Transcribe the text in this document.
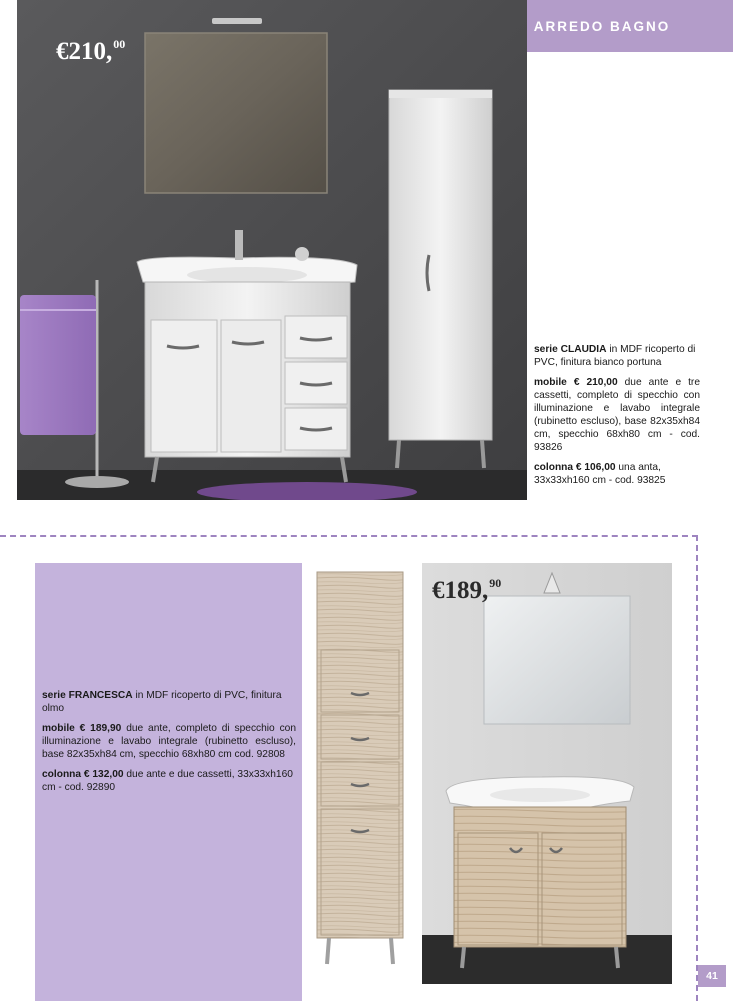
ARREDO BAGNO
€210,00

serie CLAUDIA in MDF ricoperto di PVC, finitura bianco portuna

mobile € 210,00 due ante e tre cassetti, completo di specchio con illuminazione e lavabo integrale (rubinetto escluso), base 82x35xh84 cm, specchio 68xh80 cm - cod. 93826

colonna € 106,00 una anta, 33x33xh160 cm - cod. 93825

serie FRANCESCA in MDF ricoperto di PVC, finitura olmo

mobile € 189,90 due ante, completo di specchio con illuminazione e lavabo integrale (rubinetto escluso), base 82x35xh84 cm, specchio 68xh80 cm cod. 92808

colonna € 132,00 due ante e due cassetti, 33x33xh160 cm - cod. 92890

€189,90
41
